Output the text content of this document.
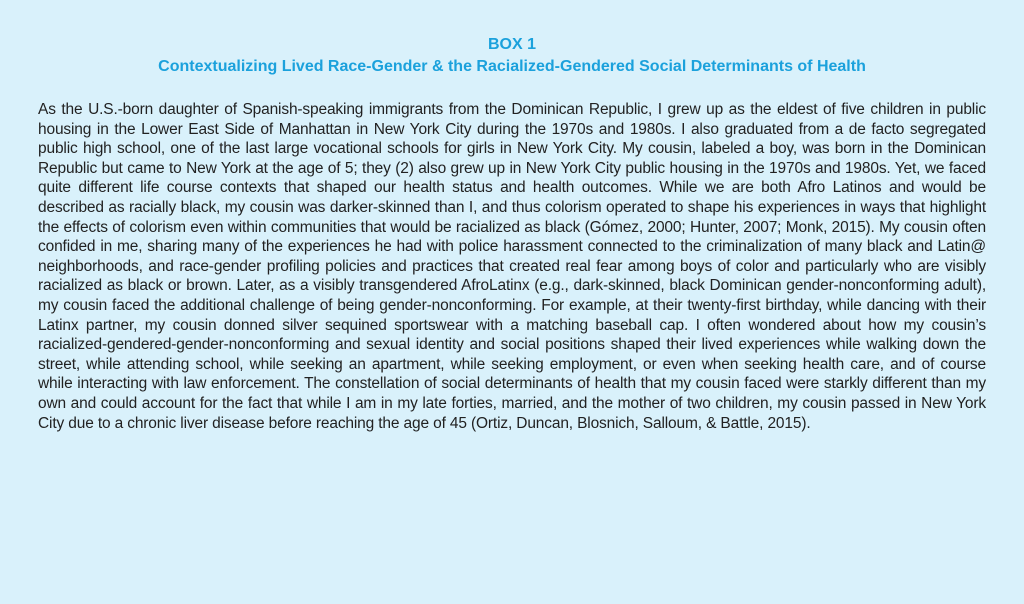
BOX 1
Contextualizing Lived Race-Gender & the Racialized-Gendered Social Determinants of Health

As the U.S.-born daughter of Spanish-speaking immigrants from the Dominican Republic, I grew up as the eldest of five children in public housing in the Lower East Side of Manhattan in New York City during the 1970s and 1980s. I also graduated from a de facto segregated public high school, one of the last large vocational schools for girls in New York City. My cousin, labeled a boy, was born in the Dominican Republic but came to New York at the age of 5; they (2) also grew up in New York City public housing in the 1970s and 1980s. Yet, we faced quite different life course contexts that shaped our health status and health outcomes. While we are both Afro Latinos and would be described as racially black, my cousin was darker-skinned than I, and thus colorism operated to shape his experiences in ways that highlight the effects of colorism even within communities that would be racialized as black (Gómez, 2000; Hunter, 2007; Monk, 2015). My cousin often confided in me, sharing many of the experiences he had with police harassment connected to the criminalization of many black and Latin@ neighborhoods, and race-gender profiling policies and practices that created real fear among boys of color and particularly who are visibly racialized as black or brown. Later, as a visibly transgendered AfroLatinx (e.g., dark-skinned, black Dominican gender-nonconforming adult), my cousin faced the additional challenge of being gender-nonconforming. For example, at their twenty-first birthday, while dancing with their Latinx partner, my cousin donned silver sequined sportswear with a matching baseball cap. I often wondered about how my cousin’s racialized-gendered-gender-nonconforming and sexual identity and social positions shaped their lived experiences while walking down the street, while attending school, while seeking an apartment, while seeking employment, or even when seeking health care, and of course while interacting with law enforcement. The constellation of social determinants of health that my cousin faced were starkly different than my own and could account for the fact that while I am in my late forties, married, and the mother of two children, my cousin passed in New York City due to a chronic liver disease before reaching the age of 45 (Ortiz, Duncan, Blosnich, Salloum, & Battle, 2015).
